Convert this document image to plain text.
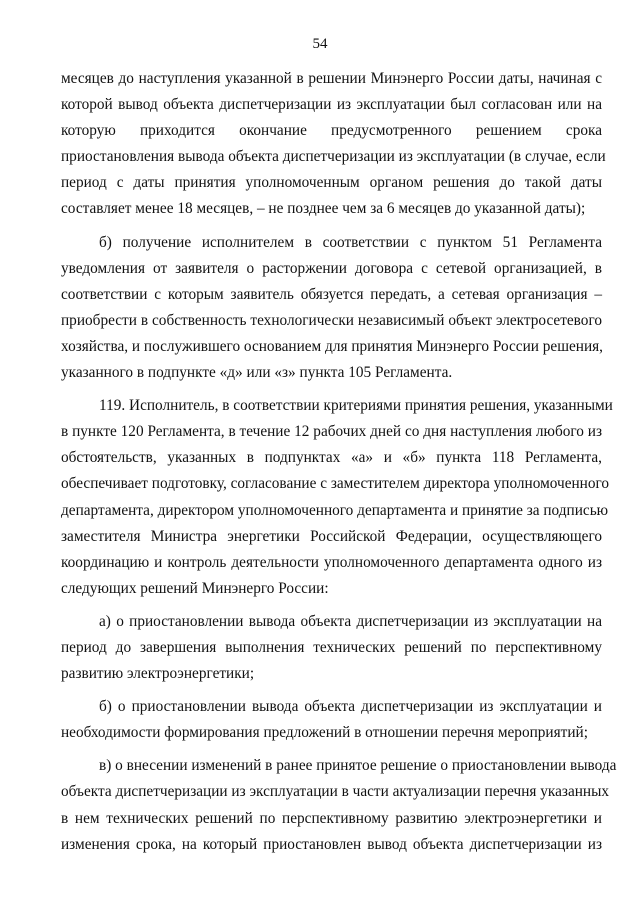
54
месяцев до наступления указанной в решении Минэнерго России даты, начиная с
которой вывод объекта диспетчеризации из эксплуатации был согласован или на
которую приходится окончание предусмотренного решением срока
приостановления вывода объекта диспетчеризации из эксплуатации (в случае, если
период с даты принятия уполномоченным органом решения до такой даты
составляет менее 18 месяцев, – не позднее чем за 6 месяцев до указанной даты);
б) получение исполнителем в соответствии с пунктом 51 Регламента
уведомления от заявителя о расторжении договора с сетевой организацией, в
соответствии с которым заявитель обязуется передать, а сетевая организация –
приобрести в собственность технологически независимый объект электросетевого
хозяйства, и послужившего основанием для принятия Минэнерго России решения,
указанного в подпункте «д» или «з» пункта 105 Регламента.
119. Исполнитель, в соответствии критериями принятия решения, указанными
в пункте 120 Регламента, в течение 12 рабочих дней со дня наступления любого из
обстоятельств, указанных в подпунктах «а» и «б» пункта 118 Регламента,
обеспечивает подготовку, согласование с заместителем директора уполномоченного
департамента, директором уполномоченного департамента и принятие за подписью
заместителя Министра энергетики Российской Федерации, осуществляющего
координацию и контроль деятельности уполномоченного департамента одного из
следующих решений Минэнерго России:
а) о приостановлении вывода объекта диспетчеризации из эксплуатации на
период до завершения выполнения технических решений по перспективному
развитию электроэнергетики;
б) о приостановлении вывода объекта диспетчеризации из эксплуатации и
необходимости формирования предложений в отношении перечня мероприятий;
в) о внесении изменений в ранее принятое решение о приостановлении вывода
объекта диспетчеризации из эксплуатации в части актуализации перечня указанных
в нем технических решений по перспективному развитию электроэнергетики и
изменения срока, на который приостановлен вывод объекта диспетчеризации из
